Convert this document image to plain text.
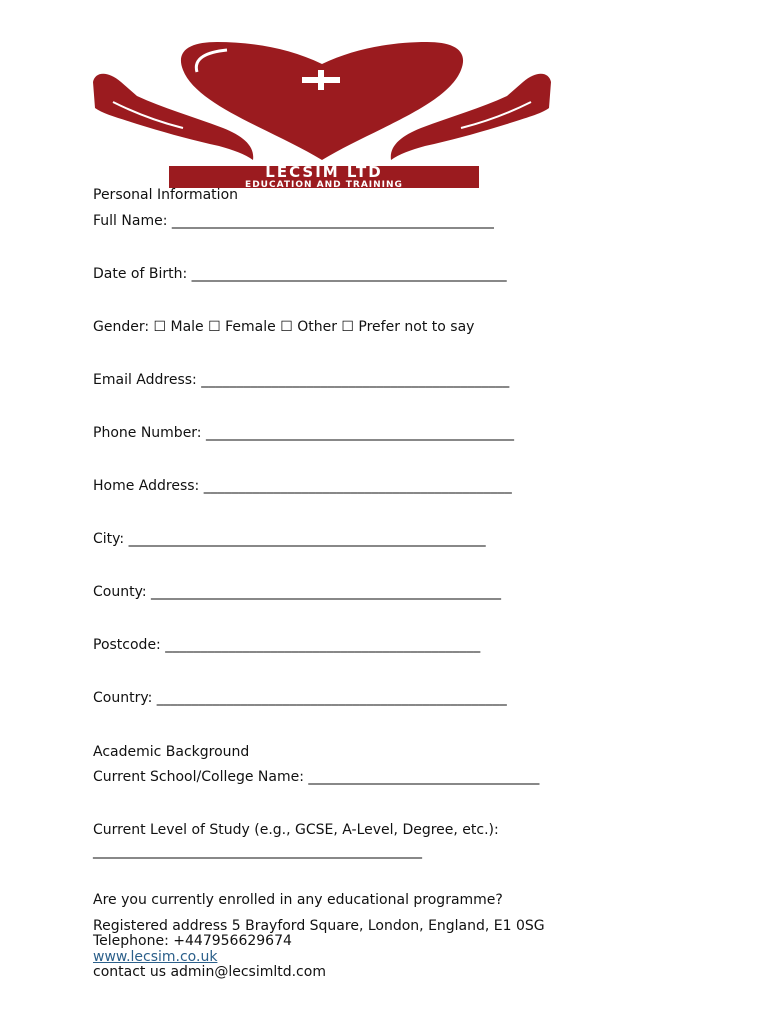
LECSIM LTD
EDUCATION AND TRAINING
Personal Information
Full Name: ______________________________________________
Date of Birth: _____________________________________________
Gender: ☐ Male ☐ Female ☐ Other ☐ Prefer not to say
Email Address: ____________________________________________
Phone Number: ____________________________________________
Home Address: ____________________________________________
City: ___________________________________________________
County: __________________________________________________
Postcode: _____________________________________________
Country: __________________________________________________
Academic Background
Current School/College Name: _________________________________
Current Level of Study (e.g., GCSE, A-Level, Degree, etc.):
_______________________________________________
Are you currently enrolled in any educational programme?
Registered address 5 Brayford Square, London, England, E1 0SG
Telephone: +447956629674
www.lecsim.co.uk
contact us admin@lecsimltd.com
